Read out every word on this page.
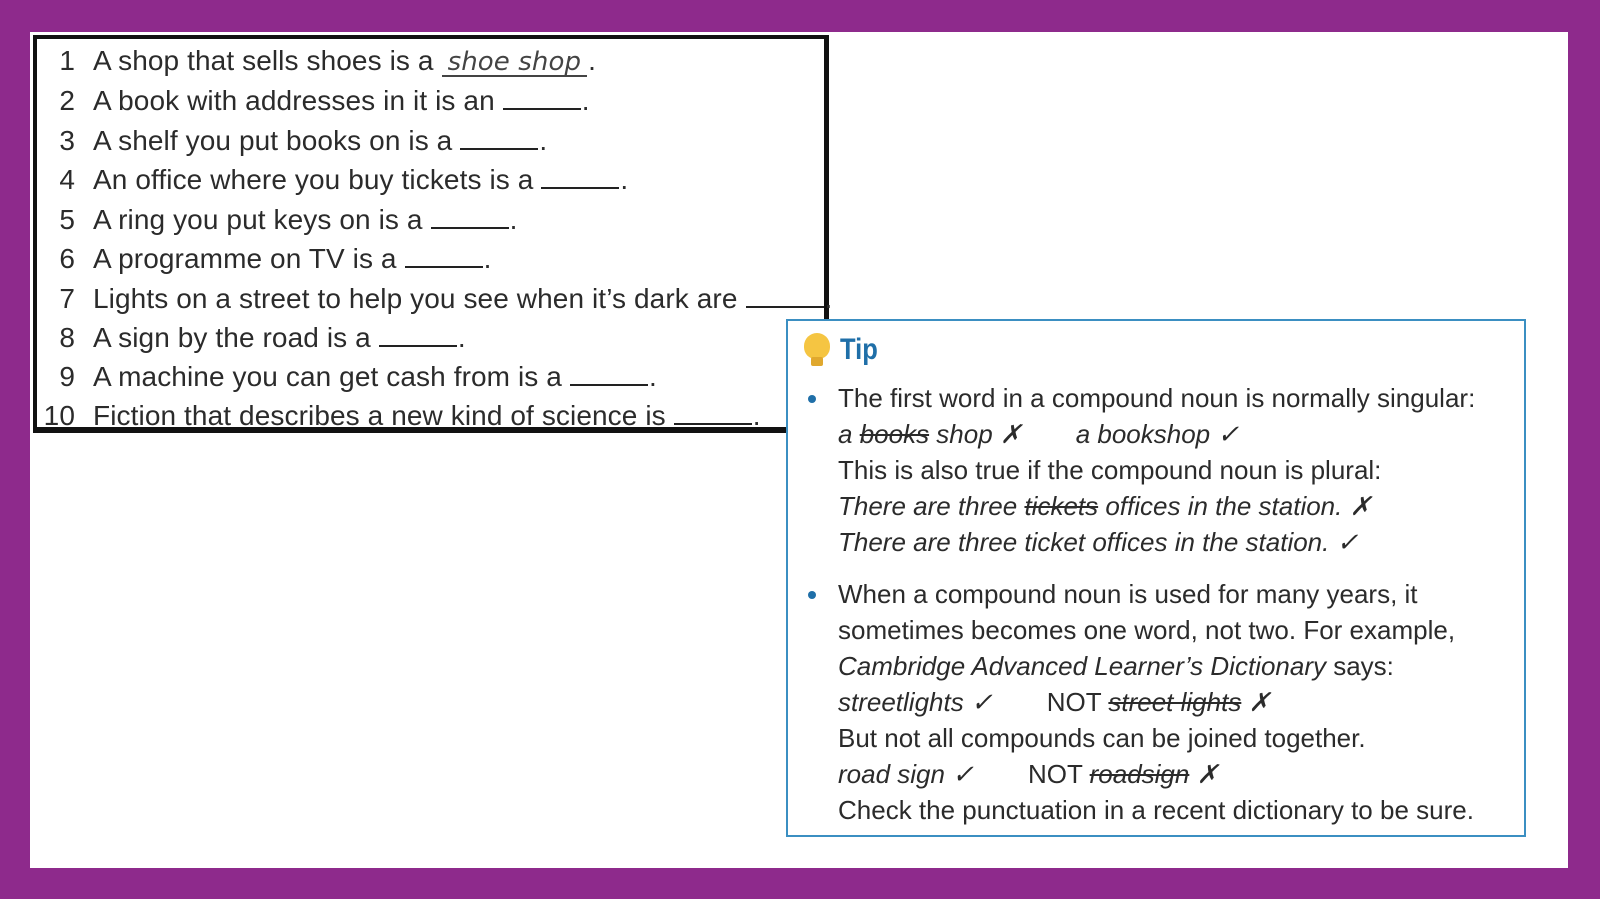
1 A shop that sells shoes is a shoe shop .
2 A book with addresses in it is an	.
3 A shelf you put books on is a	.
4 An office where you buy tickets is a	.
5 A ring you put keys on is a	.
6 A programme on TV is a	.
7 Lights on a street to help you see when it’s dark are	.
8 A sign by the road is a	.
9 A machine you can get cash from is a	.
10 Fiction that describes a new kind of science is	.
Tip
The first word in a compound noun is normally singular:
a books shop ✗ a bookshop ✓
This is also true if the compound noun is plural:
There are three tickets offices in the station. ✗
There are three ticket offices in the station. ✓
When a compound noun is used for many years, it
sometimes becomes one word, not two. For example,
Cambridge Advanced Learner’s Dictionary says:
streetlights ✓ NOT street lights ✗
But not all compounds can be joined together.
road sign ✓ NOT roadsign ✗
Check the punctuation in a recent dictionary to be sure.
